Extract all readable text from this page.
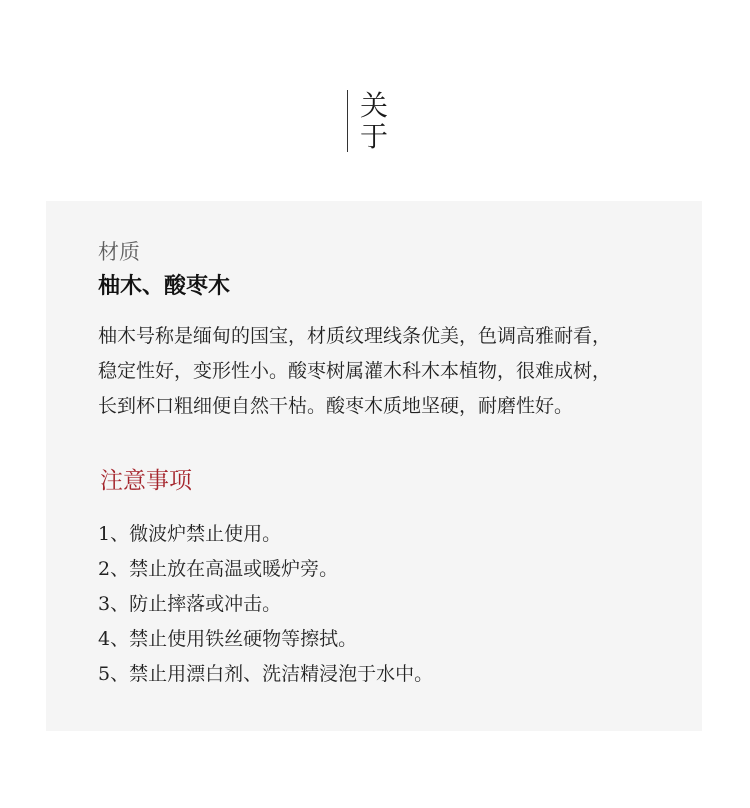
关
于
材质
柚木、酸枣木

柚木号称是缅甸的国宝，材质纹理线条优美，色调高雅耐看，
稳定性好，变形性小。酸枣树属灌木科木本植物，很难成树，
长到杯口粗细便自然干枯。酸枣木质地坚硬，耐磨性好。

注意事项
1、微波炉禁止使用。
2、禁止放在高温或暖炉旁。
3、防止摔落或冲击。
4、禁止使用铁丝硬物等擦拭。
5、禁止用漂白剂、洗洁精浸泡于水中。
